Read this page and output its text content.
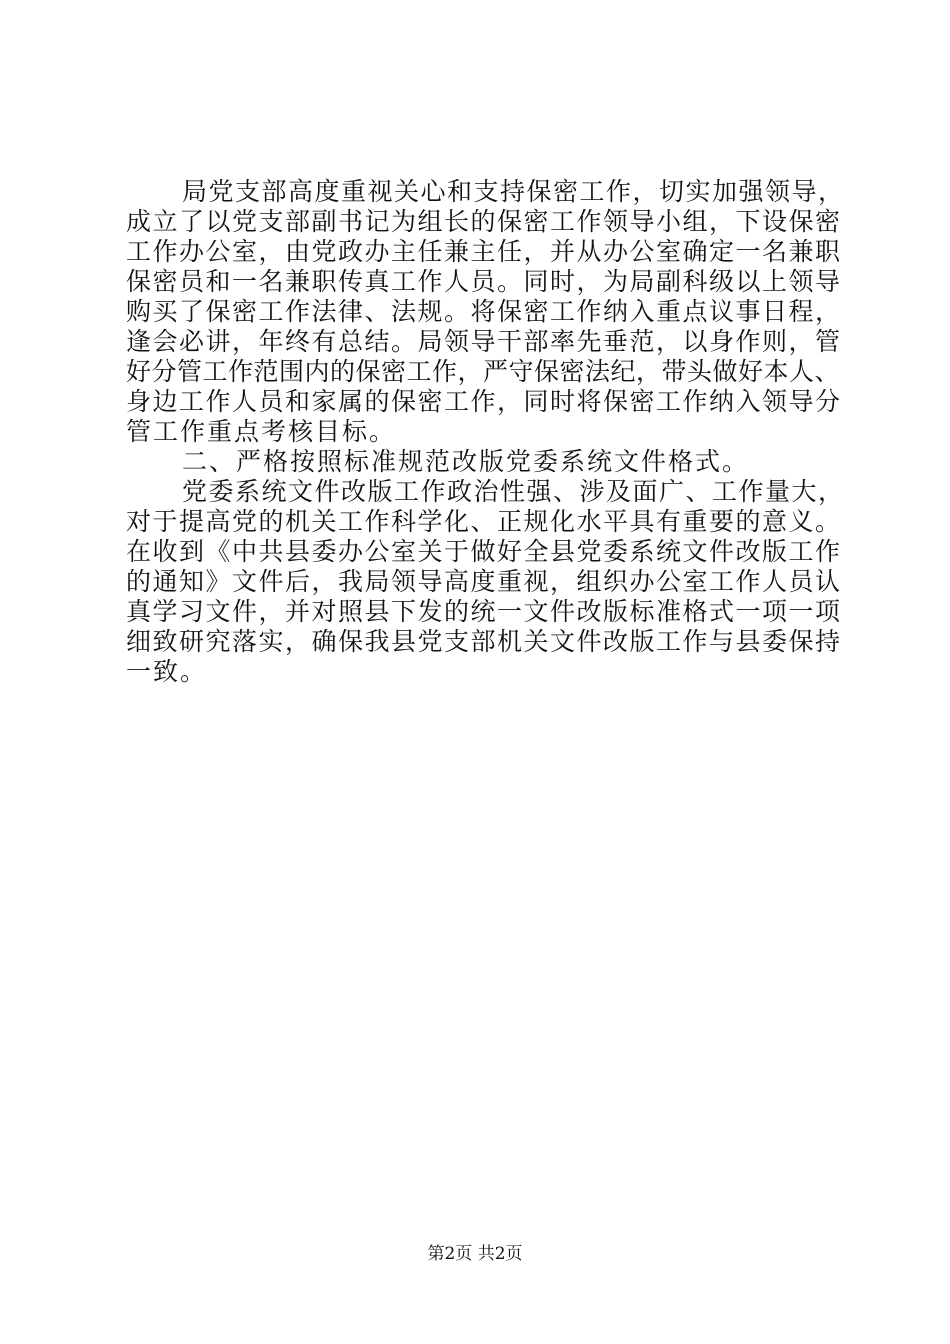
局党支部高度重视关心和支持保密工作，切实加强领导，
成立了以党支部副书记为组长的保密工作领导小组，下设保密
工作办公室，由党政办主任兼主任，并从办公室确定一名兼职
保密员和一名兼职传真工作人员。同时，为局副科级以上领导
购买了保密工作法律、法规。将保密工作纳入重点议事日程，
逢会必讲，年终有总结。局领导干部率先垂范，以身作则，管
好分管工作范围内的保密工作，严守保密法纪，带头做好本人、
身边工作人员和家属的保密工作，同时将保密工作纳入领导分
管工作重点考核目标。
二、严格按照标准规范改版党委系统文件格式。
党委系统文件改版工作政治性强、涉及面广、工作量大，
对于提高党的机关工作科学化、正规化水平具有重要的意义。
在收到《中共县委办公室关于做好全县党委系统文件改版工作
的通知》文件后，我局领导高度重视，组织办公室工作人员认
真学习文件，并对照县下发的统一文件改版标准格式一项一项
细致研究落实，确保我县党支部机关文件改版工作与县委保持
一致。
第2页 共2页
